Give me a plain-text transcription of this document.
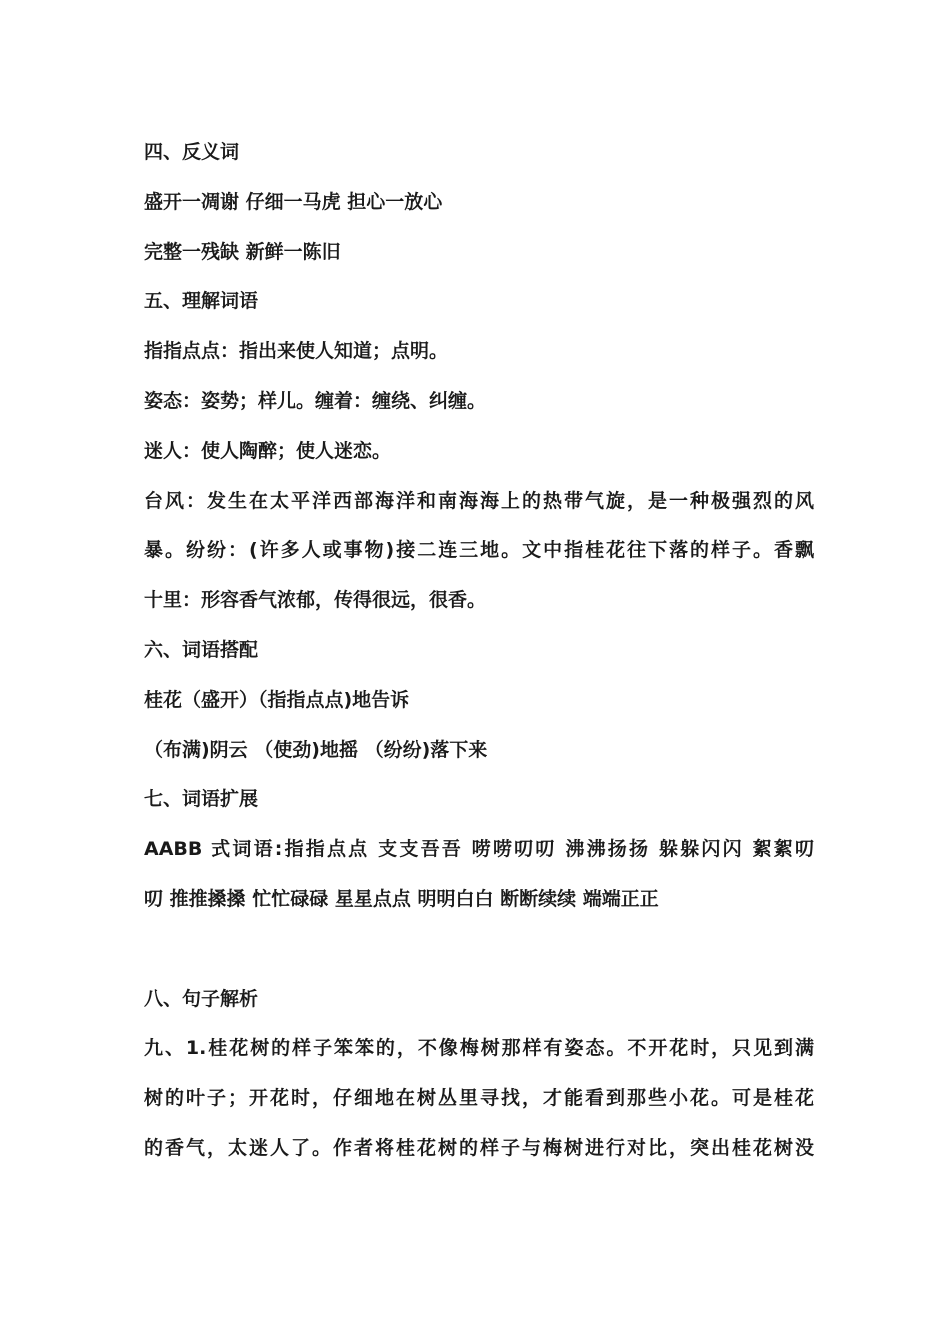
四、反义词
盛开一凋谢 仔细一马虎 担心一放心
完整一残缺 新鲜一陈旧
五、理解词语
指指点点：指出来使人知道；点明。
姿态：姿势；样儿。缠着：缠绕、纠缠。
迷人：使人陶醉；使人迷恋。
台风：发生在太平洋西部海洋和南海海上的热带气旋，是一种极强烈的风
暴。纷纷：(许多人或事物)接二连三地。文中指桂花往下落的样子。香飘
十里：形容香气浓郁，传得很远，很香。
六、词语搭配
桂花（盛开）（指指点点)地告诉
（布满)阴云 （使劲)地摇 （纷纷)落下来
七、词语扩展
AABB 式词语:指指点点 支支吾吾 唠唠叨叨 沸沸扬扬 躲躲闪闪 絮絮叨
叨 推推搡搡 忙忙碌碌 星星点点 明明白白 断断续续 端端正正
八、句子解析
九、1.桂花树的样子笨笨的，不像梅树那样有姿态。不开花时，只见到满
树的叶子；开花时，仔细地在树丛里寻找，才能看到那些小花。可是桂花
的香气，太迷人了。作者将桂花树的样子与梅树进行对比，突出桂花树没
